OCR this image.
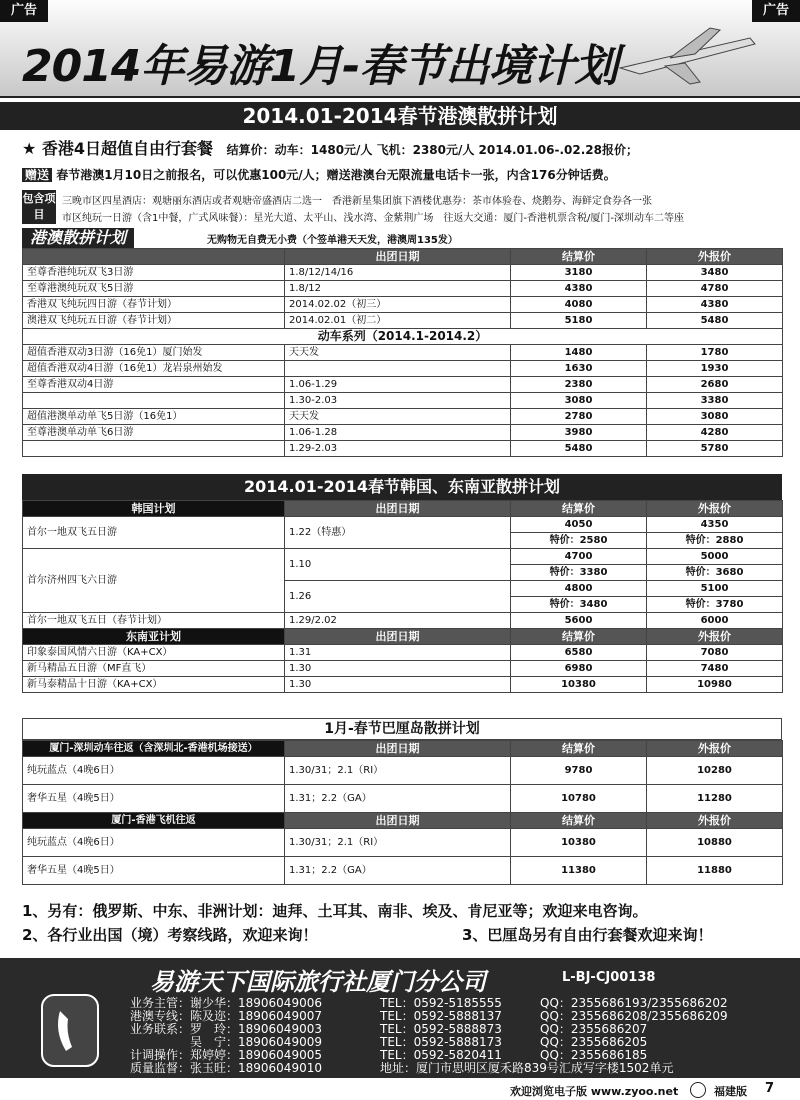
广告	广告
2014年易游1月-春节出境计划
2014.01-2014春节港澳散拼计划
★ 香港4日超值自由行套餐 结算价：动车：1480元/人 飞机：2380元/人 2014.01.06-.02.28报价；
赠送 春节港澳1月10日之前报名，可以优惠100元/人；赠送港澳台无限流量电话卡一张，内含176分钟话费。
包含项目
三晚市区四星酒店：观塘丽东酒店或者观塘帝盛酒店二选一　 香港新星集团旗下酒楼优惠券：茶市体验卷、烧鹅券、海鲜定食券各一张
市区纯玩一日游（含1中餐，广式风味餐）：星光大道、太平山、浅水湾、金紫荆广场　 往返大交通：厦门-香港机票含税/厦门-深圳动车二等座
港澳散拼计划	无购物无自费无小费（个签单港天天发，港澳周135发）
	出团日期	结算价	外报价
至尊香港纯玩双飞3日游	1.8/12/14/16	3180	3480
至尊港澳纯玩双飞5日游	1.8/12	4380	4780
香港双飞纯玩四日游（春节计划）	2014.02.02（初三）	4080	4380
澳港双飞纯玩五日游（春节计划）	2014.02.01（初二）	5180	5480
动车系列（2014.1-2014.2）			
超值香港双动3日游（16免1）厦门始发	天天发	1480	1780
超值香港双动4日游（16免1）龙岩泉州始发		1630	1930
至尊香港双动4日游	1.06-1.29	2380	2680
	1.30-2.03	3080	3380
超值港澳单动单飞5日游（16免1）	天天发	2780	3080
至尊港澳单动单飞6日游	1.06-1.28	3980	4280
	1.29-2.03	5480	5780
2014.01-2014春节韩国、东南亚散拼计划
韩国计划	出团日期	结算价	外报价
首尔一地双飞五日游	1.22（特惠）	4050	4350
		特价：2580	特价：2880
首尔济州四飞六日游	1.10	4700	5000
		特价：3380	特价：3680
	1.26	4800	5100
		特价：3480	特价：3780
首尔一地双飞五日（春节计划）	1.29/2.02	5600	6000
东南亚计划	出团日期	结算价	外报价
印象泰国风情六日游（KA+CX）	1.31	6580	7080
新马精品五日游（MF直飞）	1.30	6980	7480
新马泰精品十日游（KA+CX）	1.30	10380	10980
1月-春节巴厘岛散拼计划
厦门-深圳动车往返（含深圳北-香港机场接送）	出团日期	结算价	外报价
纯玩蓝点（4晚6日）	1.30/31；2.1（RI）	9780	10280
奢华五星（4晚5日）	1.31；2.2（GA）	10780	11280
厦门-香港飞机往返	出团日期	结算价	外报价
纯玩蓝点（4晚6日）	1.30/31；2.1（RI）	10380	10880
奢华五星（4晚5日）	1.31；2.2（GA）	11380	11880
1、另有：俄罗斯、中东、非洲计划：迪拜、土耳其、南非、埃及、肯尼亚等；欢迎来电咨询。
2、各行业出国（境）考察线路，欢迎来询！	3、巴厘岛另有自由行套餐欢迎来询！
易游天下国际旅行社厦门分公司	L-BJ-CJ00138
业务主管：谢少华：18906049006	TEL：0592-5185555	QQ：2355686193/2355686202
港澳专线：陈及迩：18906049007	TEL：0592-5888137	QQ：2355686208/2355686209
业务联系：罗　玲：18906049003	TEL：0592-5888873	QQ：2355686207
　　　　　吴　宁：18906049009	TEL：0592-5888173	QQ：2355686205
计调操作：郑婷婷：18906049005	TEL：0592-5820411	QQ：2355686185
质量监督：张玉旺：18906049010	地址：厦门市思明区厦禾路839号汇成写字楼1502单元
欢迎浏览电子版 www.zyoo.net	福建版 7
